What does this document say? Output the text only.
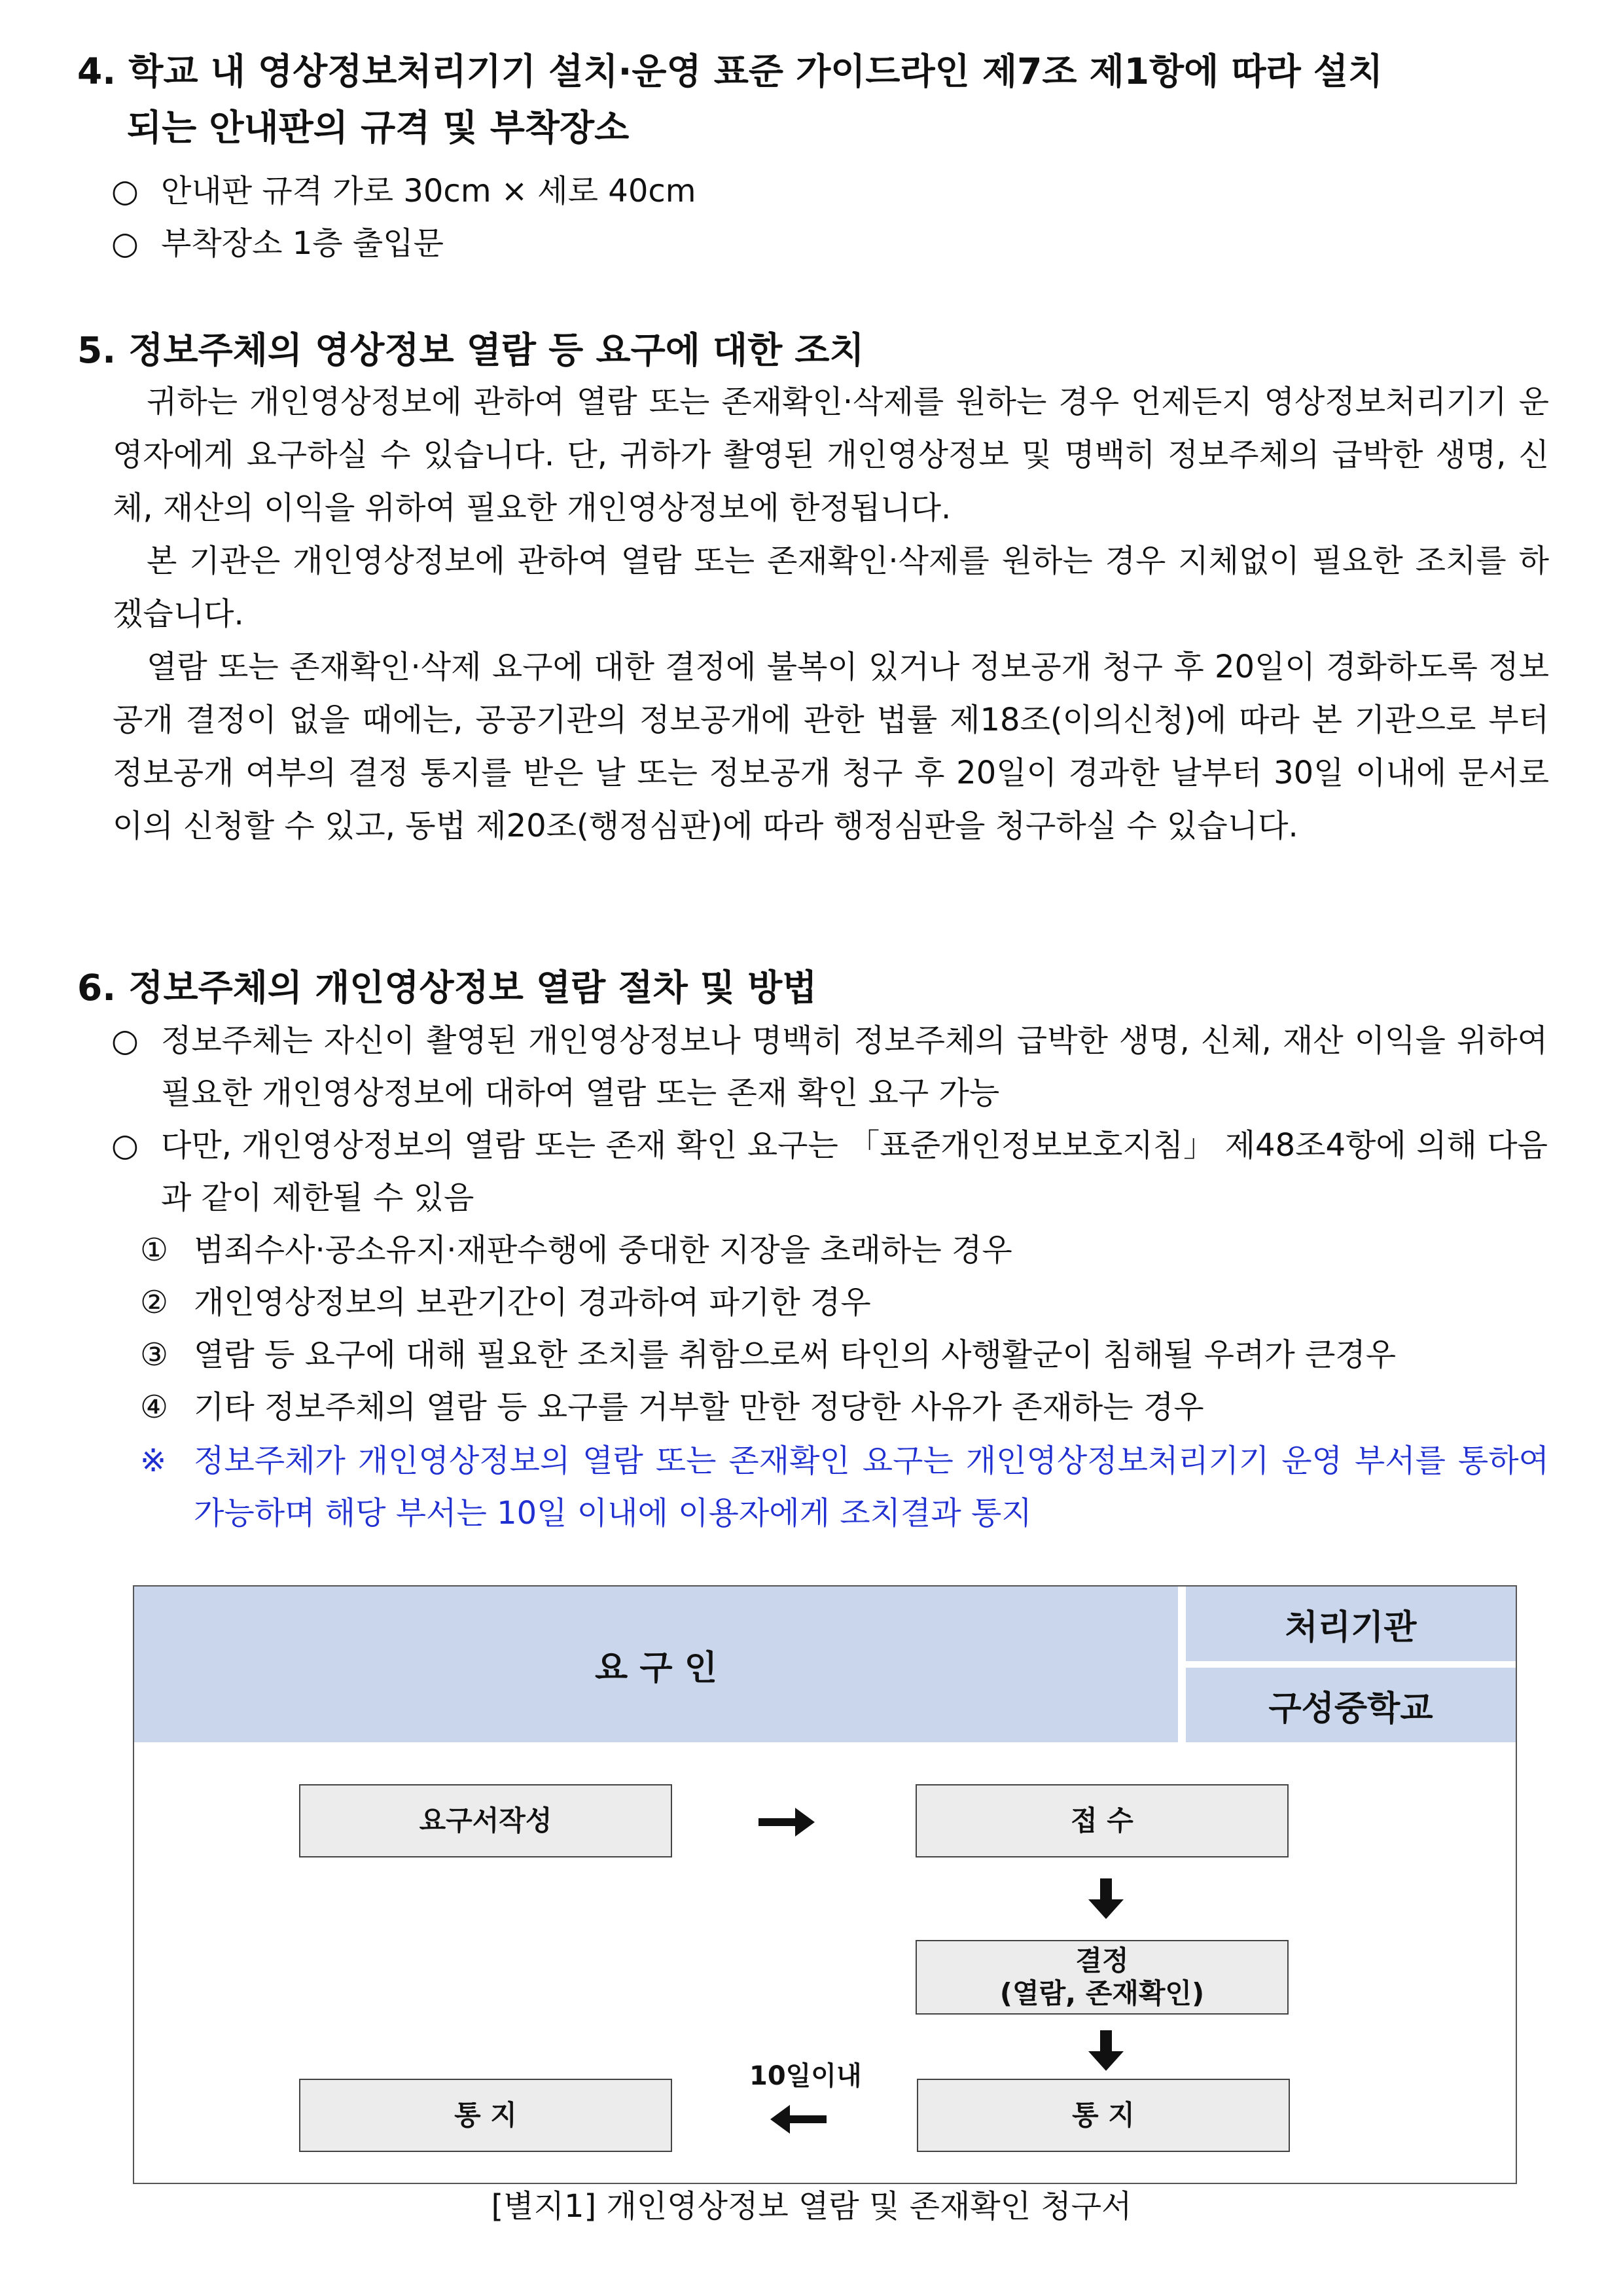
4. 학교 내 영상정보처리기기 설치·운영 표준 가이드라인 제7조 제1항에 따라 설치
되는 안내판의 규격 및 부착장소
○ 안내판 규격 가로 30cm × 세로 40cm
○ 부착장소 1층 출입문
5. 정보주체의 영상정보 열람 등 요구에 대한 조치
귀하는 개인영상정보에 관하여 열람 또는 존재확인·삭제를 원하는 경우 언제든지 영상정보처리기기 운영자에게 요구하실 수 있습니다. 단, 귀하가 촬영된 개인영상정보 및 명백히 정보주체의 급박한 생명, 신체, 재산의 이익을 위하여 필요한 개인영상정보에 한정됩니다.
본 기관은 개인영상정보에 관하여 열람 또는 존재확인·삭제를 원하는 경우 지체없이 필요한 조치를 하겠습니다.
열람 또는 존재확인·삭제 요구에 대한 결정에 불복이 있거나 정보공개 청구 후 20일이 경화하도록 정보공개 결정이 없을 때에는, 공공기관의 정보공개에 관한 법률 제18조(이의신청)에 따라 본 기관으로 부터 정보공개 여부의 결정 통지를 받은 날 또는 정보공개 청구 후 20일이 경과한 날부터 30일 이내에 문서로 이의 신청할 수 있고, 동법 제20조(행정심판)에 따라 행정심판을 청구하실 수 있습니다.
6. 정보주체의 개인영상정보 열람 절차 및 방법
○ 정보주체는 자신이 촬영된 개인영상정보나 명백히 정보주체의 급박한 생명, 신체, 재산 이익을 위하여 필요한 개인영상정보에 대하여 열람 또는 존재 확인 요구 가능
○ 다만, 개인영상정보의 열람 또는 존재 확인 요구는 「표준개인정보보호지침」 제48조4항에 의해 다음과 같이 제한될 수 있음
① 범죄수사·공소유지·재판수행에 중대한 지장을 초래하는 경우
② 개인영상정보의 보관기간이 경과하여 파기한 경우
③ 열람 등 요구에 대해 필요한 조치를 취함으로써 타인의 사행활군이 침해될 우려가 큰경우
④ 기타 정보주체의 열람 등 요구를 거부할 만한 정당한 사유가 존재하는 경우
※ 정보주체가 개인영상정보의 열람 또는 존재확인 요구는 개인영상정보처리기기 운영 부서를 통하여 가능하며 해당 부서는 10일 이내에 이용자에게 조치결과 통지
요 구 인
처리기관
구성중학교
요구서작성	접 수
결정
(열람, 존재확인)
통 지
10일이내
통 지
[별지1] 개인영상정보 열람 및 존재확인 청구서
